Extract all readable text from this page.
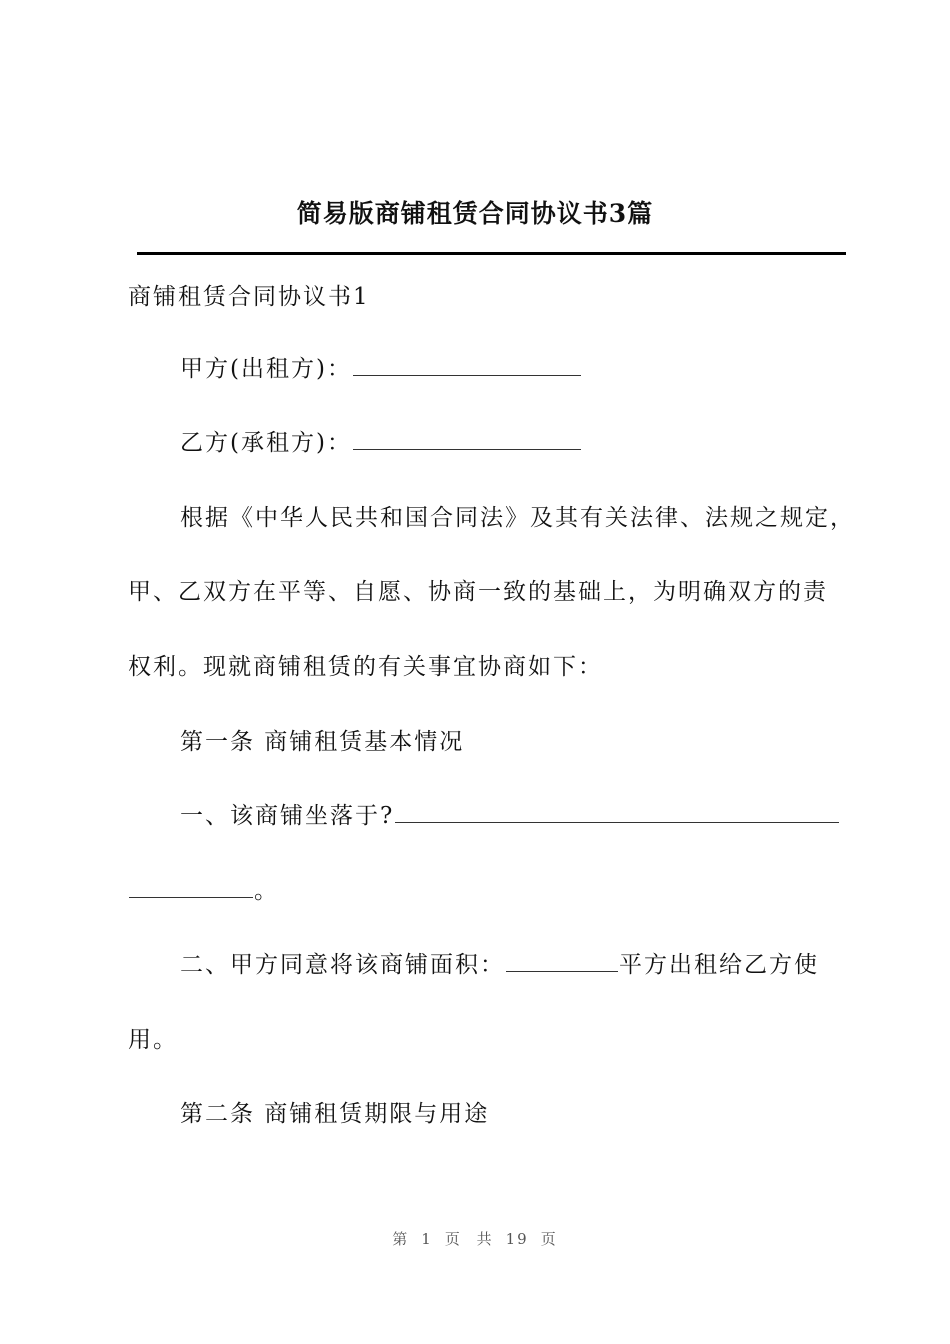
简易版商铺租赁合同协议书3篇
商铺租赁合同协议书1
甲方(出租方)：
乙方(承租方)：
根据《中华人民共和国合同法》及其有关法律、法规之规定，
甲、乙双方在平等、自愿、协商一致的基础上，为明确双方的责
权利。现就商铺租赁的有关事宜协商如下：
第一条 商铺租赁基本情况
一、该商铺坐落于?
。
二、甲方同意将该商铺面积：	平方出租给乙方使
用。
第二条 商铺租赁期限与用途
第 1 页 共 19 页
